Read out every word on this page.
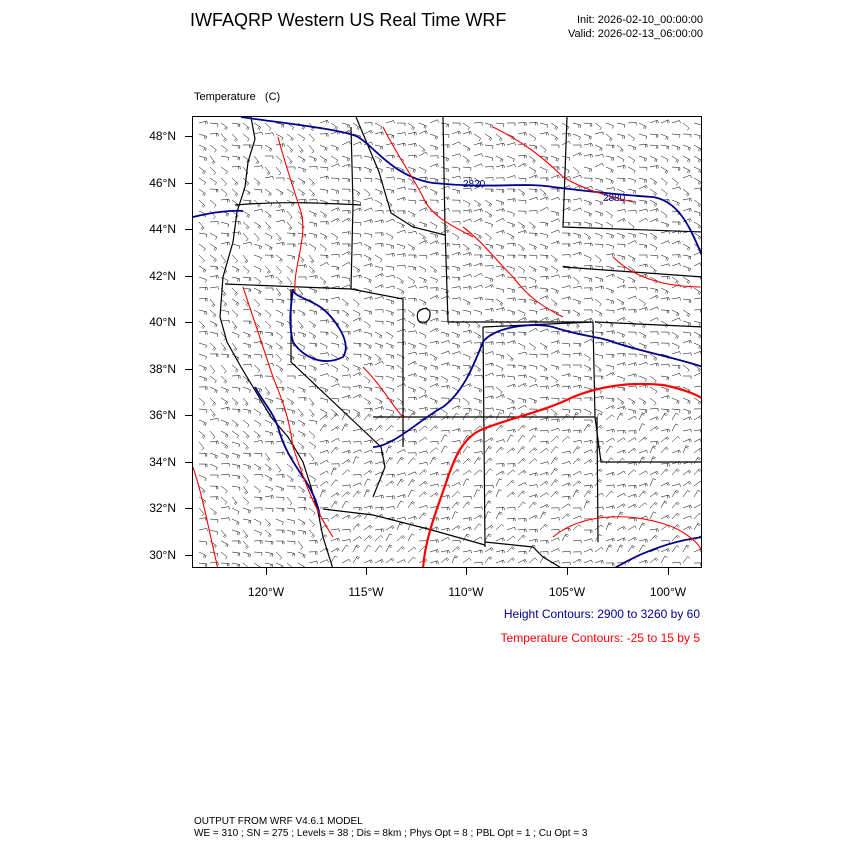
IWFAQRP Western US Real Time WRF	Init: 2026-02-10_00:00:00
Valid: 2026-02-13_06:00:00

Temperature   (C)

48°N
46°N
44°N
42°N
40°N
38°N
36°N
34°N
32°N
30°N
120°W	115°W	110°W	105°W	100°W
2820
2880
Height Contours: 2900 to 3260 by 60
Temperature Contours: -25 to 15 by 5
OUTPUT FROM WRF V4.6.1 MODEL
WE = 310 ; SN = 275 ; Levels = 38 ; Dis = 8km ; Phys Opt = 8 ; PBL Opt = 1 ; Cu Opt = 3
